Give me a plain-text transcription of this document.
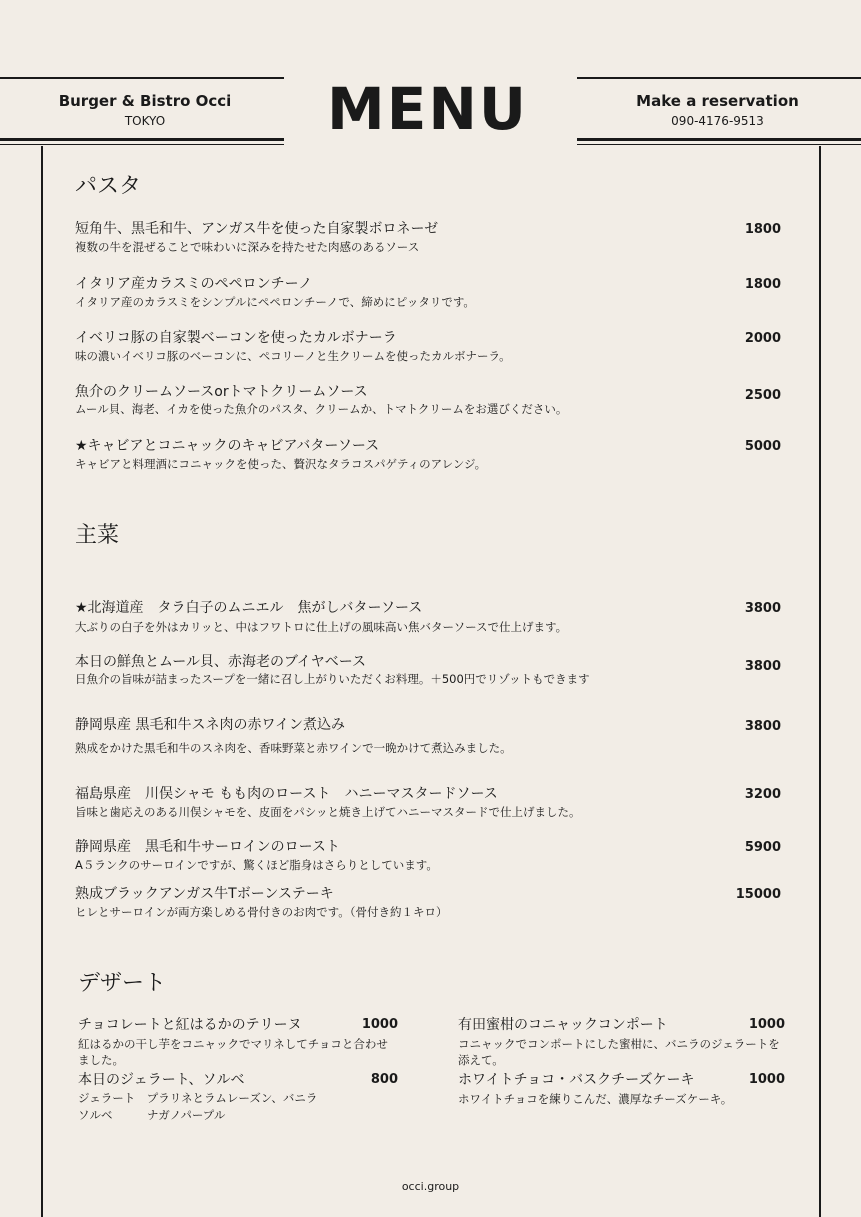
Burger & Bistro Occi
TOKYO	MENU	Make a reservation
090-4176-9513
パスタ
短角牛、黒毛和牛、アンガス牛を使った自家製ボロネーゼ
複数の牛を混ぜることで味わいに深みを持たせた肉感のあるソース
1800
イタリア産カラスミのペペロンチーノ
イタリア産のカラスミをシンプルにペペロンチーノで、締めにピッタリです。
1800
イベリコ豚の自家製ベーコンを使ったカルボナーラ
味の濃いイベリコ豚のベーコンに、ペコリーノと生クリームを使ったカルボナーラ。
2000
魚介のクリームソースorトマトクリームソース
ムール貝、海老、イカを使った魚介のパスタ、クリームか、トマトクリームをお選びください。
2500
★キャビアとコニャックのキャビアバターソース
キャビアと料理酒にコニャックを使った、贅沢なタラコスパゲティのアレンジ。
5000
主菜
★北海道産　タラ白子のムニエル　焦がしバターソース
大ぶりの白子を外はカリッと、中はフワトロに仕上げの風味高い焦バターソースで仕上げます。
3800
本日の鮮魚とムール貝、赤海老のブイヤベース
日魚介の旨味が詰まったスープを一緒に召し上がりいただくお料理。＋500円でリゾットもできます
3800
静岡県産 黒毛和牛スネ肉の赤ワイン煮込み
熟成をかけた黒毛和牛のスネ肉を、香味野菜と赤ワインで一晩かけて煮込みました。
3800
福島県産　川俣シャモ もも肉のロースト　ハニーマスタードソース
旨味と歯応えのある川俣シャモを、皮面をパシッと焼き上げてハニーマスタードで仕上げました。
3200
静岡県産　黒毛和牛サーロインのロースト
A５ランクのサーロインですが、驚くほど脂身はさらりとしています。
5900
熟成ブラックアンガス牛Tボーンステーキ
ヒレとサーロインが両方楽しめる骨付きのお肉です。（骨付き約１キロ）
15000
デザート
チョコレートと紅はるかのテリーヌ	1000
紅はるかの干し芋をコニャックでマリネしてチョコと合わせました。
本日のジェラート、ソルベ	800
ジェラート　プラリネとラムレーズン、バニラ
ソルベ　　　ナガノパープル
有田蜜柑のコニャックコンポート	1000
コニャックでコンポートにした蜜柑に、バニラのジェラートを添えて。
ホワイトチョコ・バスクチーズケーキ	1000
ホワイトチョコを練りこんだ、濃厚なチーズケーキ。
occi.group
